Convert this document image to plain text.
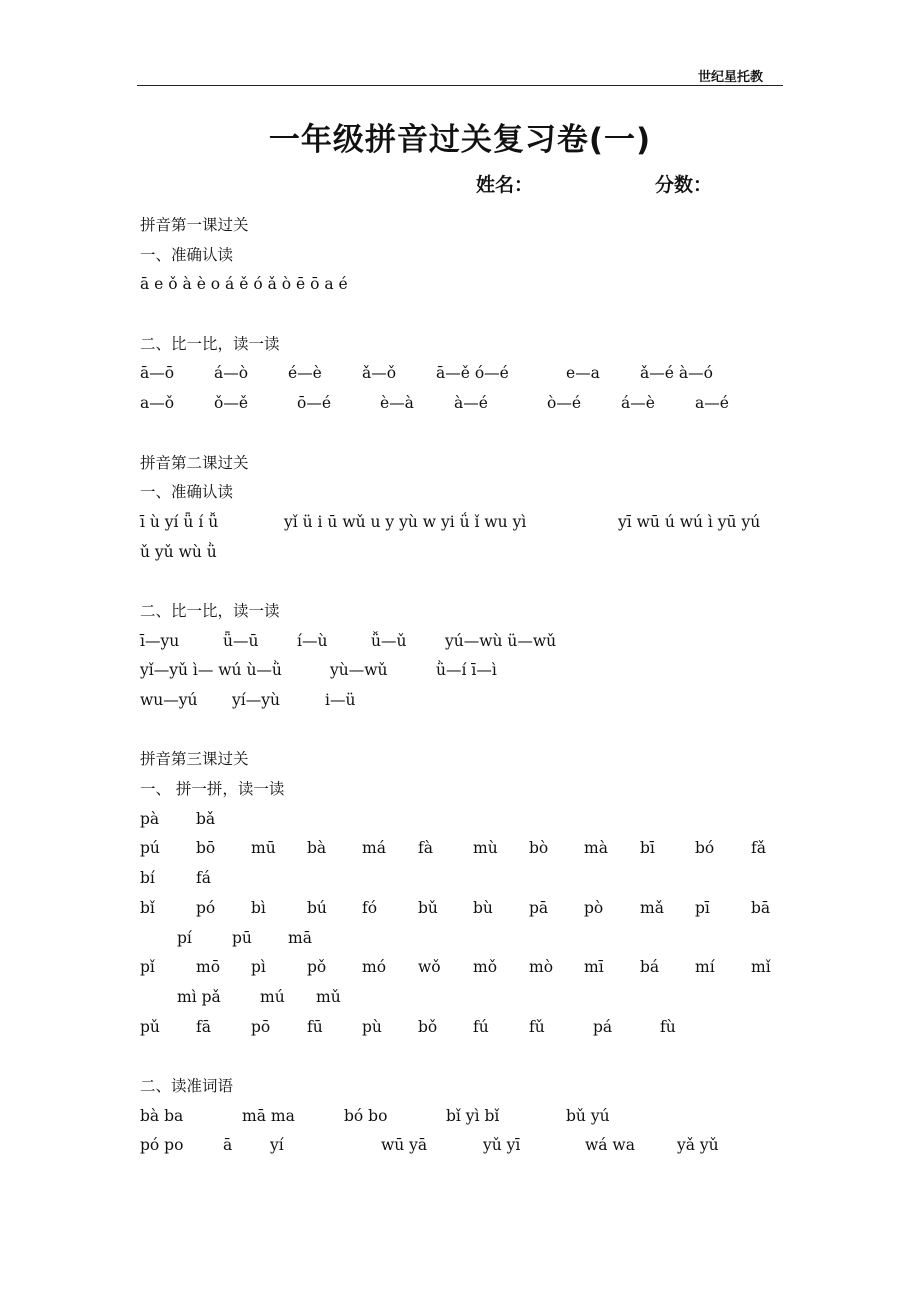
世纪星托教
一年级拼音过关复习卷(一)
姓名：	分数：
拼音第一课过关
一、准确认读
ā e ǒ à è o á ě ó ǎ ò ē ō a é
二、比一比，读一读
ā—ō	á—ò	é—è	ǎ—ǒ	ā—ě ó—é	e—a	ǎ—é à—ó
a—ǒ	ǒ—ě	ō—é	è—à	à—é	ò—é	á—è	a—é
拼音第二课过关
一、准确认读
ī ù yí ǖ í ǚ	yǐ ü i ū wǔ u y yù w yi ǘ ǐ wu yì	yī wū ú wú ì yū yú
ǔ yǔ wù ǜ
二、比一比，读一读
ī—yu	ǖ—ū í—ù	ǚ—ǔ yú—wù ü—wǔ
yǐ—yǔ ì— wú ù—ǜ	yù—wǔ	ǜ—í ī—ì
wu—yú yí—yù	i—ü
拼音第三课过关
一、 拼一拼，读一读
pà bǎ
pú bō mū bà má fà	mù bò mà bī	bó fǎ
bí	fá
bǐ	pó bì	bú fó	bǔ bù pā pò mǎ pī	bā
pí	pū mā
pǐ	mō pì	pǒ mó wǒ mǒ mò mī bá mí mǐ
mì pǎ	mú mǔ
pǔ fā	pō fū	pù bǒ fú	fǔ	pá	fù
二、读准词语
bà ba	mā ma	bó bo	bǐ yì bǐ	bǔ yú
pó po	ā yí	wū yā	yǔ yī	wá wa	yǎ yǔ
